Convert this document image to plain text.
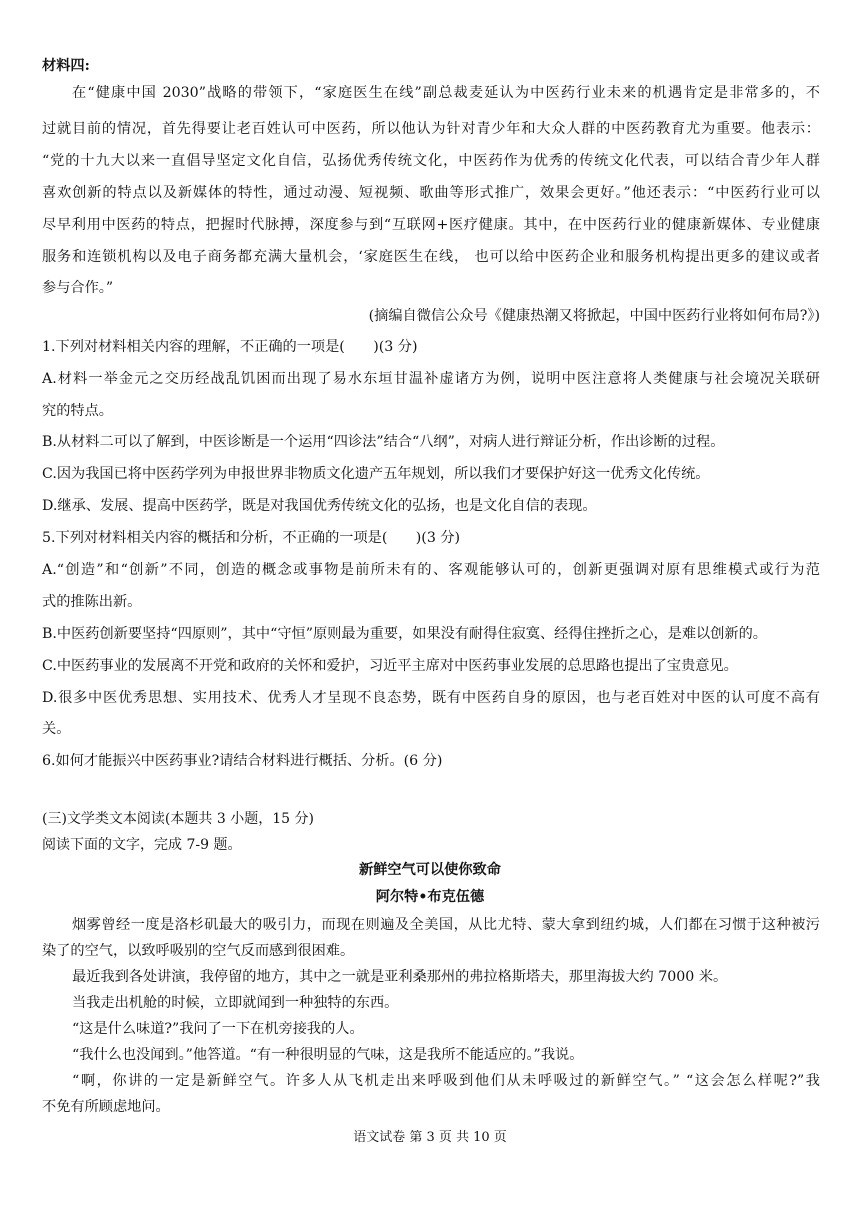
材料四:
在“健康中国 2030”战略的带领下，“家庭医生在线”副总裁麦延认为中医药行业未来的机遇肯定是非常多的，不
过就目前的情况，首先得要让老百姓认可中医药，所以他认为针对青少年和大众人群的中医药教育尤为重要。他表示：
“党的十九大以来一直倡导坚定文化自信，弘扬优秀传统文化，中医药作为优秀的传统文化代表，可以结合青少年人群
喜欢创新的特点以及新媒体的特性，通过动漫、短视频、歌曲等形式推广，效果会更好。”他还表示：“中医药行业可以
尽早利用中医药的特点，把握时代脉搏，深度参与到“互联网+医疗健康。其中，在中医药行业的健康新媒体、专业健康
服务和连锁机构以及电子商务都充满大量机会，‘家庭医生在线， 也可以给中医药企业和服务机构提出更多的建议或者
参与合作。”
(摘编自微信公众号《健康热潮又将掀起，中国中医药行业将如何布局?》)
1.下列对材料相关内容的理解，不正确的一项是(　　)(3 分)
A.材料一举金元之交历经战乱饥困而出现了易水东垣甘温补虚诸方为例，说明中医注意将人类健康与社会境况关联研
究的特点。
B.从材料二可以了解到，中医诊断是一个运用“四诊法”结合“八纲”，对病人进行辩证分析，作出诊断的过程。
C.因为我国已将中医药学列为申报世界非物质文化遗产五年规划，所以我们才要保护好这一优秀文化传统。
D.继承、发展、提高中医药学，既是对我国优秀传统文化的弘扬，也是文化自信的表现。
5.下列对材料相关内容的概括和分析，不正确的一项是(　　)(3 分)
A.“创造”和“创新”不同，创造的概念或事物是前所未有的、客观能够认可的，创新更强调对原有思维模式或行为范
式的推陈出新。
B.中医药创新要坚持“四原则”，其中“守恒”原则最为重要，如果没有耐得住寂寞、经得住挫折之心，是难以创新的。
C.中医药事业的发展离不开党和政府的关怀和爱护，习近平主席对中医药事业发展的总思路也提出了宝贵意见。
D.很多中医优秀思想、实用技术、优秀人才呈现不良态势，既有中医药自身的原因，也与老百姓对中医的认可度不高有
关。
6.如何才能振兴中医药事业?请结合材料进行概括、分析。(6 分)
(三)文学类文本阅读(本题共 3 小题，15 分)
阅读下面的文字，完成 7-9 题。
新鲜空气可以使你致命
阿尔特•布克伍德
烟雾曾经一度是洛杉矶最大的吸引力，而现在则遍及全美国，从比尤特、蒙大拿到纽约城，人们都在习惯于这种被污
染了的空气，以致呼吸别的空气反而感到很困难。
最近我到各处讲演，我停留的地方，其中之一就是亚利桑那州的弗拉格斯塔夫，那里海拔大约 7000 米。
当我走出机舱的时候，立即就闻到一种独特的东西。
“这是什么味道?”我问了一下在机旁接我的人。
“我什么也没闻到。”他答道。“有一种很明显的气味，这是我所不能适应的。”我说。
“啊，你讲的一定是新鲜空气。许多人从飞机走出来呼吸到他们从未呼吸过的新鲜空气。” “这会怎么样呢?”我
不免有所顾虑地问。
语文试卷 第 3 页 共 10 页
